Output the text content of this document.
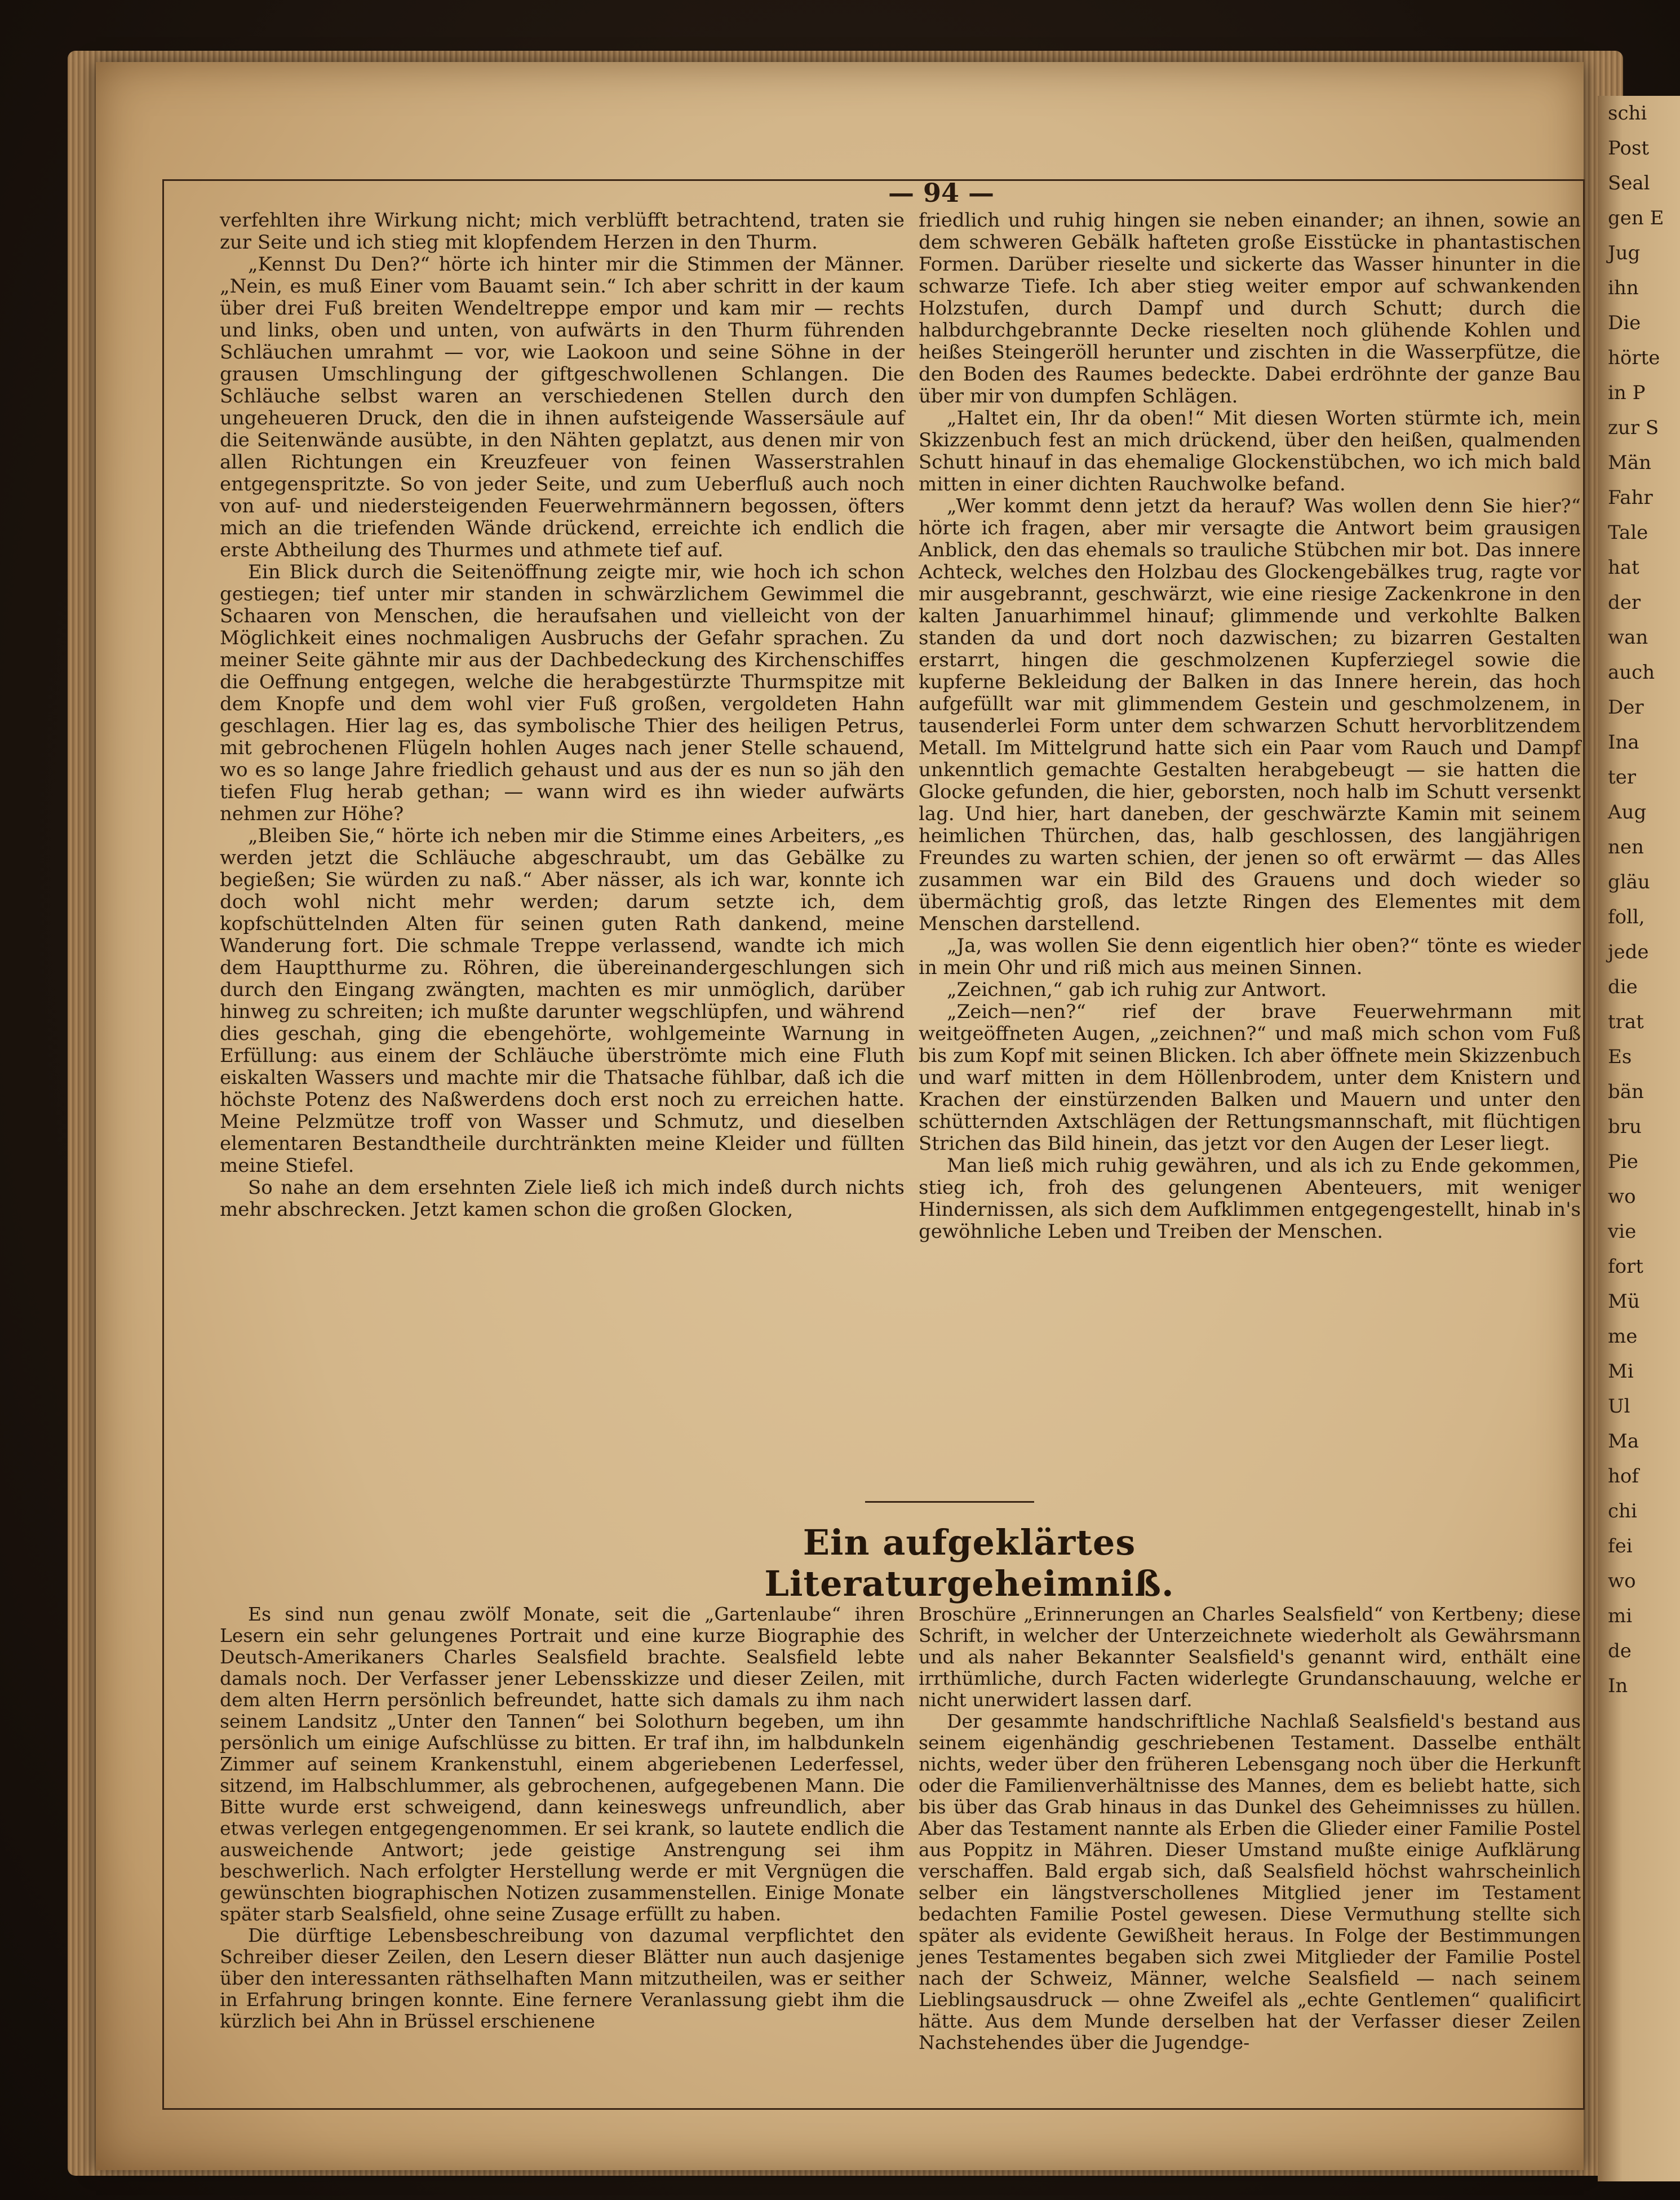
schi
Post
Seal
gen E
Jug
ihn
Die
hörte
in P
zur S
Män
Fahr
Tale
hat
der
wan
auch
Der
Ina
ter
Aug
nen
gläu
foll,
jede
die
trat
Es
bän
bru
Pie
wo
vie
fort
Mü
me
Mi
Ul
Ma
hof
chi
fei
wo
mi
de
In
— 94 —

verfehlten ihre Wirkung nicht; mich verblüfft betrachtend, traten sie zur Seite und ich stieg mit klopfendem Herzen in den Thurm.

„Kennst Du Den?“ hörte ich hinter mir die Stimmen der Männer. „Nein, es muß Einer vom Bauamt sein.“ Ich aber schritt in der kaum über drei Fuß breiten Wendeltreppe empor und kam mir — rechts und links, oben und unten, von aufwärts in den Thurm führenden Schläuchen umrahmt — vor, wie Laokoon und seine Söhne in der grausen Umschlingung der giftgeschwollenen Schlangen. Die Schläuche selbst waren an verschiedenen Stellen durch den ungeheueren Druck, den die in ihnen aufsteigende Wassersäule auf die Seitenwände ausübte, in den Nähten geplatzt, aus denen mir von allen Richtungen ein Kreuzfeuer von feinen Wasserstrahlen entgegenspritzte. So von jeder Seite, und zum Ueberfluß auch noch von auf- und niedersteigenden Feuerwehrmännern begossen, öfters mich an die triefenden Wände drückend, erreichte ich endlich die erste Abtheilung des Thurmes und athmete tief auf.

Ein Blick durch die Seitenöffnung zeigte mir, wie hoch ich schon gestiegen; tief unter mir standen in schwärzlichem Gewimmel die Schaaren von Menschen, die heraufsahen und vielleicht von der Möglichkeit eines nochmaligen Ausbruchs der Gefahr sprachen. Zu meiner Seite gähnte mir aus der Dachbedeckung des Kirchenschiffes die Oeffnung entgegen, welche die herabgestürzte Thurmspitze mit dem Knopfe und dem wohl vier Fuß großen, vergoldeten Hahn geschlagen. Hier lag es, das symbolische Thier des heiligen Petrus, mit gebrochenen Flügeln hohlen Auges nach jener Stelle schauend, wo es so lange Jahre friedlich gehaust und aus der es nun so jäh den tiefen Flug herab gethan; — wann wird es ihn wieder aufwärts nehmen zur Höhe?

„Bleiben Sie,“ hörte ich neben mir die Stimme eines Arbeiters, „es werden jetzt die Schläuche abgeschraubt, um das Gebälke zu begießen; Sie würden zu naß.“ Aber nässer, als ich war, konnte ich doch wohl nicht mehr werden; darum setzte ich, dem kopfschüttelnden Alten für seinen guten Rath dankend, meine Wanderung fort. Die schmale Treppe verlassend, wandte ich mich dem Hauptthurme zu. Röhren, die übereinandergeschlungen sich durch den Eingang zwängten, machten es mir unmöglich, darüber hinweg zu schreiten; ich mußte darunter wegschlüpfen, und während dies geschah, ging die ebengehörte, wohlgemeinte Warnung in Erfüllung: aus einem der Schläuche überströmte mich eine Fluth eiskalten Wassers und machte mir die Thatsache fühlbar, daß ich die höchste Potenz des Naßwerdens doch erst noch zu erreichen hatte. Meine Pelzmütze troff von Wasser und Schmutz, und dieselben elementaren Bestandtheile durchtränkten meine Kleider und füllten meine Stiefel.

So nahe an dem ersehnten Ziele ließ ich mich indeß durch nichts mehr abschrecken. Jetzt kamen schon die großen Glocken,

friedlich und ruhig hingen sie neben einander; an ihnen, sowie an dem schweren Gebälk hafteten große Eisstücke in phantastischen Formen. Darüber rieselte und sickerte das Wasser hinunter in die schwarze Tiefe. Ich aber stieg weiter empor auf schwankenden Holzstufen, durch Dampf und durch Schutt; durch die halbdurchgebrannte Decke rieselten noch glühende Kohlen und heißes Steingeröll herunter und zischten in die Wasserpfütze, die den Boden des Raumes bedeckte. Dabei erdröhnte der ganze Bau über mir von dumpfen Schlägen.

„Haltet ein, Ihr da oben!“ Mit diesen Worten stürmte ich, mein Skizzenbuch fest an mich drückend, über den heißen, qualmenden Schutt hinauf in das ehemalige Glockenstübchen, wo ich mich bald mitten in einer dichten Rauchwolke befand.

„Wer kommt denn jetzt da herauf? Was wollen denn Sie hier?“ hörte ich fragen, aber mir versagte die Antwort beim grausigen Anblick, den das ehemals so trauliche Stübchen mir bot. Das innere Achteck, welches den Holzbau des Glockengebälkes trug, ragte vor mir ausgebrannt, geschwärzt, wie eine riesige Zackenkrone in den kalten Januarhimmel hinauf; glimmende und verkohlte Balken standen da und dort noch dazwischen; zu bizarren Gestalten erstarrt, hingen die geschmolzenen Kupferziegel sowie die kupferne Bekleidung der Balken in das Innere herein, das hoch aufgefüllt war mit glimmendem Gestein und geschmolzenem, in tausenderlei Form unter dem schwarzen Schutt hervorblitzendem Metall. Im Mittelgrund hatte sich ein Paar vom Rauch und Dampf unkenntlich gemachte Gestalten herabgebeugt — sie hatten die Glocke gefunden, die hier, geborsten, noch halb im Schutt versenkt lag. Und hier, hart daneben, der geschwärzte Kamin mit seinem heimlichen Thürchen, das, halb geschlossen, des langjährigen Freundes zu warten schien, der jenen so oft erwärmt — das Alles zusammen war ein Bild des Grauens und doch wieder so übermächtig groß, das letzte Ringen des Elementes mit dem Menschen darstellend.

„Ja, was wollen Sie denn eigentlich hier oben?“ tönte es wieder in mein Ohr und riß mich aus meinen Sinnen.

„Zeichnen,“ gab ich ruhig zur Antwort.

„Zeich—nen?“ rief der brave Feuerwehrmann mit weitgeöffneten Augen, „zeichnen?“ und maß mich schon vom Fuß bis zum Kopf mit seinen Blicken. Ich aber öffnete mein Skizzenbuch und warf mitten in dem Höllenbrodem, unter dem Knistern und Krachen der einstürzenden Balken und Mauern und unter den schütternden Axtschlägen der Rettungsmannschaft, mit flüchtigen Strichen das Bild hinein, das jetzt vor den Augen der Leser liegt.

Man ließ mich ruhig gewähren, und als ich zu Ende gekommen, stieg ich, froh des gelungenen Abenteuers, mit weniger Hindernissen, als sich dem Aufklimmen entgegengestellt, hinab in's gewöhnliche Leben und Treiben der Menschen.

Ein aufgeklärtes Literaturgeheimniß.

Es sind nun genau zwölf Monate, seit die „Gartenlaube“ ihren Lesern ein sehr gelungenes Portrait und eine kurze Biographie des Deutsch-Amerikaners Charles Sealsfield brachte. Sealsfield lebte damals noch. Der Verfasser jener Lebensskizze und dieser Zeilen, mit dem alten Herrn persönlich befreundet, hatte sich damals zu ihm nach seinem Landsitz „Unter den Tannen“ bei Solothurn begeben, um ihn persönlich um einige Aufschlüsse zu bitten. Er traf ihn, im halbdunkeln Zimmer auf seinem Krankenstuhl, einem abgeriebenen Lederfessel, sitzend, im Halbschlummer, als gebrochenen, aufgegebenen Mann. Die Bitte wurde erst schweigend, dann keineswegs unfreundlich, aber etwas verlegen entgegengenommen. Er sei krank, so lautete endlich die ausweichende Antwort; jede geistige Anstrengung sei ihm beschwerlich. Nach erfolgter Herstellung werde er mit Vergnügen die gewünschten biographischen Notizen zusammenstellen. Einige Monate später starb Sealsfield, ohne seine Zusage erfüllt zu haben.

Die dürftige Lebensbeschreibung von dazumal verpflichtet den Schreiber dieser Zeilen, den Lesern dieser Blätter nun auch dasjenige über den interessanten räthselhaften Mann mitzutheilen, was er seither in Erfahrung bringen konnte. Eine fernere Veranlassung giebt ihm die kürzlich bei Ahn in Brüssel erschienene

Broschüre „Erinnerungen an Charles Sealsfield“ von Kertbeny; diese Schrift, in welcher der Unterzeichnete wiederholt als Gewährsmann und als naher Bekannter Sealsfield's genannt wird, enthält eine irrthümliche, durch Facten widerlegte Grundanschauung, welche er nicht unerwidert lassen darf.

Der gesammte handschriftliche Nachlaß Sealsfield's bestand aus seinem eigenhändig geschriebenen Testament. Dasselbe enthält nichts, weder über den früheren Lebensgang noch über die Herkunft oder die Familienverhältnisse des Mannes, dem es beliebt hatte, sich bis über das Grab hinaus in das Dunkel des Geheimnisses zu hüllen. Aber das Testament nannte als Erben die Glieder einer Familie Postel aus Poppitz in Mähren. Dieser Umstand mußte einige Aufklärung verschaffen. Bald ergab sich, daß Sealsfield höchst wahrscheinlich selber ein längstverschollenes Mitglied jener im Testament bedachten Familie Postel gewesen. Diese Vermuthung stellte sich später als evidente Gewißheit heraus. In Folge der Bestimmungen jenes Testamentes begaben sich zwei Mitglieder der Familie Postel nach der Schweiz, Männer, welche Sealsfield — nach seinem Lieblingsausdruck — ohne Zweifel als „echte Gentlemen“ qualificirt hätte. Aus dem Munde derselben hat der Verfasser dieser Zeilen Nachstehendes über die Jugendge-
